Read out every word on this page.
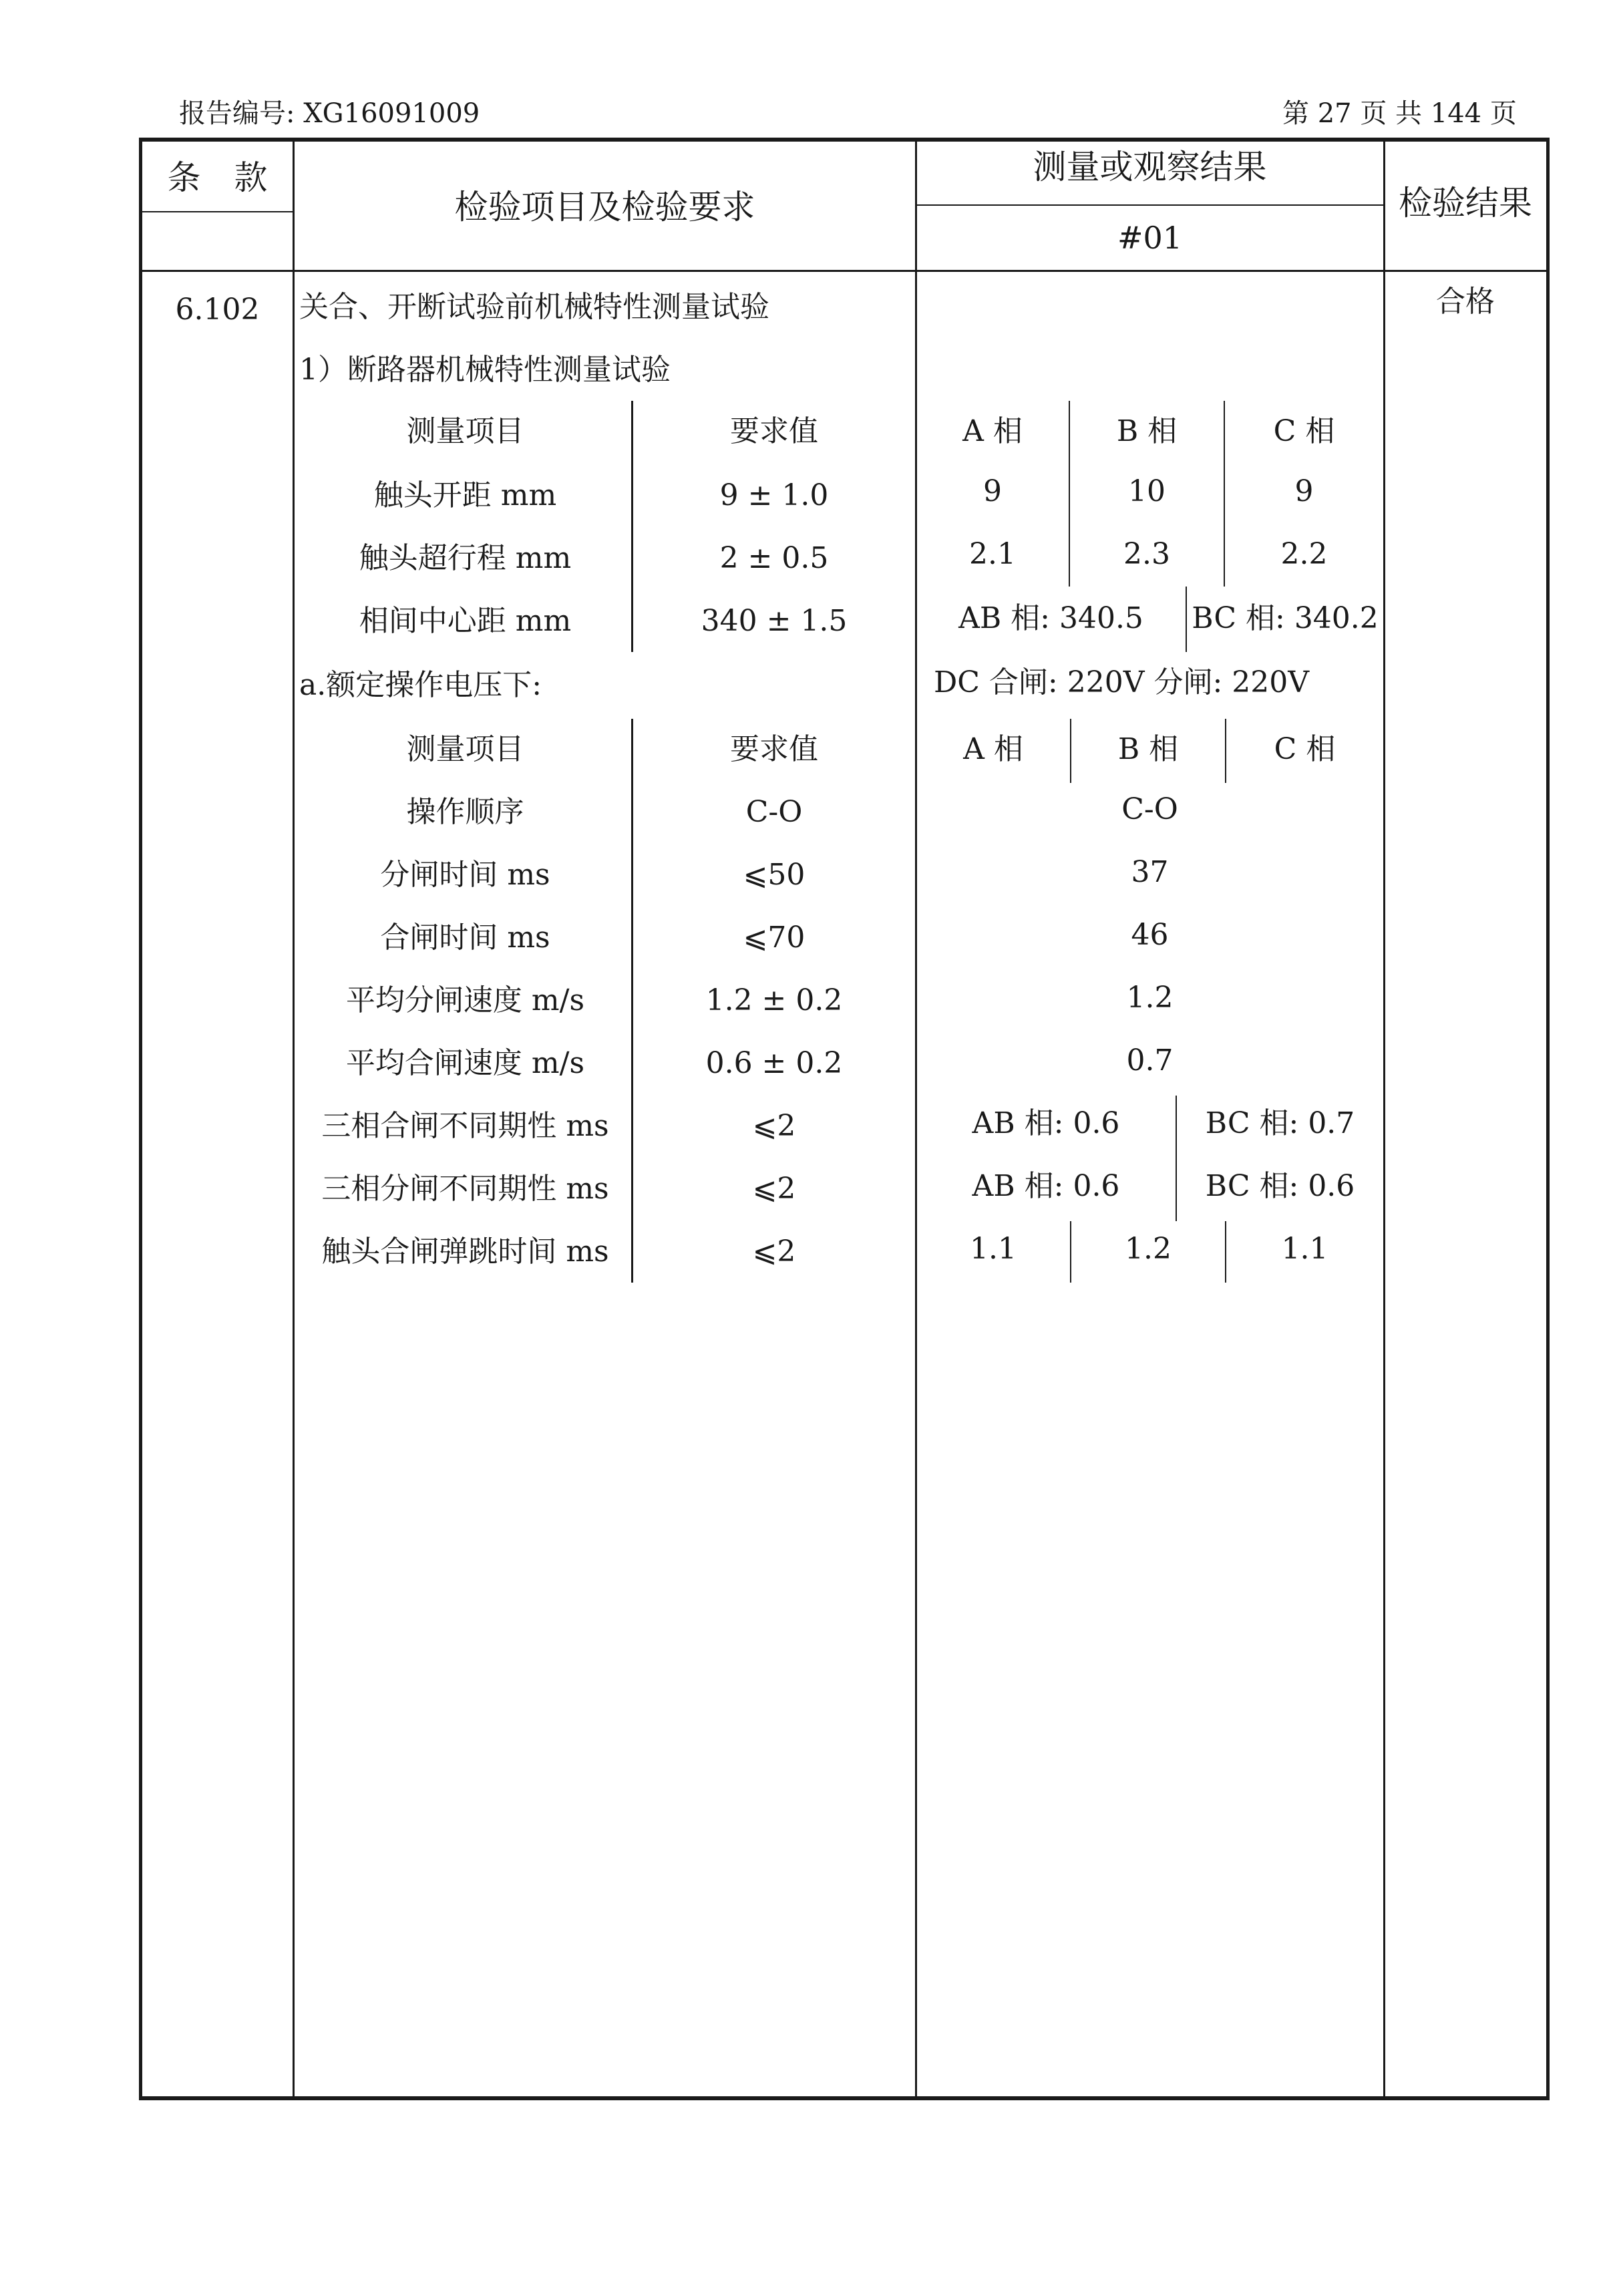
报告编号: XG16091009	第 27 页 共 144 页
条　款
检验项目及检验要求
测量或观察结果
#01
检验结果
6.102	合格
关合、开断试验前机械特性测量试验
1）断路器机械特性测量试验
测量项目	要求值	A 相	B 相	C 相
触头开距 mm	9 ± 1.0	9	10	9
触头超行程 mm	2 ± 0.5	2.1	2.3	2.2
相间中心距 mm	340 ± 1.5	AB 相: 340.5	BC 相: 340.2
a.额定操作电压下:	DC 合闸: 220V 分闸: 220V
测量项目	要求值	A 相	B 相	C 相
操作顺序	C-O	C-O
分闸时间 ms	⩽50	37
合闸时间 ms	⩽70	46
平均分闸速度 m/s	1.2 ± 0.2	1.2
平均合闸速度 m/s	0.6 ± 0.2	0.7
三相合闸不同期性 ms	⩽2	AB 相: 0.6	BC 相: 0.7
三相分闸不同期性 ms	⩽2	AB 相: 0.6	BC 相: 0.6
触头合闸弹跳时间 ms	⩽2	1.1	1.2	1.1
